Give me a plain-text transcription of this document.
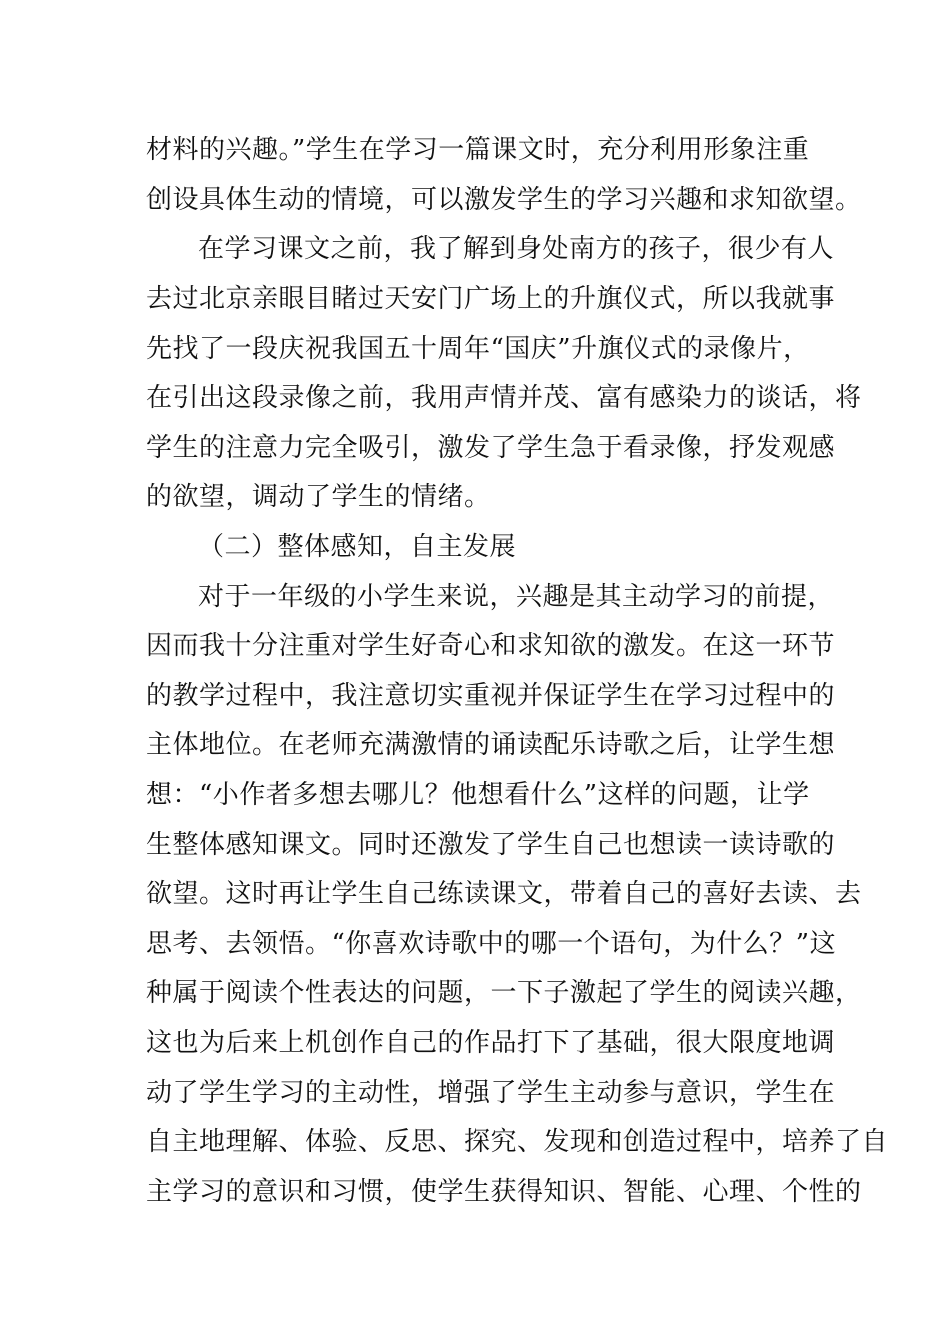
材料的兴趣。”学生在学习一篇课文时，充分利用形象注重
创设具体生动的情境，可以激发学生的学习兴趣和求知欲望。
在学习课文之前，我了解到身处南方的孩子，很少有人
去过北京亲眼目睹过天安门广场上的升旗仪式，所以我就事
先找了一段庆祝我国五十周年“国庆”升旗仪式的录像片，
在引出这段录像之前，我用声情并茂、富有感染力的谈话，将
学生的注意力完全吸引，激发了学生急于看录像，抒发观感
的欲望，调动了学生的情绪。
（二）整体感知，自主发展
对于一年级的小学生来说，兴趣是其主动学习的前提，
因而我十分注重对学生好奇心和求知欲的激发。在这一环节
的教学过程中，我注意切实重视并保证学生在学习过程中的
主体地位。在老师充满激情的诵读配乐诗歌之后，让学生想
想：“小作者多想去哪儿？他想看什么”这样的问题，让学
生整体感知课文。同时还激发了学生自己也想读一读诗歌的
欲望。这时再让学生自己练读课文，带着自己的喜好去读、去
思考、去领悟。“你喜欢诗歌中的哪一个语句，为什么？”这
种属于阅读个性表达的问题，一下子激起了学生的阅读兴趣，
这也为后来上机创作自己的作品打下了基础，很大限度地调
动了学生学习的主动性，增强了学生主动参与意识，学生在
自主地理解、体验、反思、探究、发现和创造过程中，培养了自
主学习的意识和习惯，使学生获得知识、智能、心理、个性的
